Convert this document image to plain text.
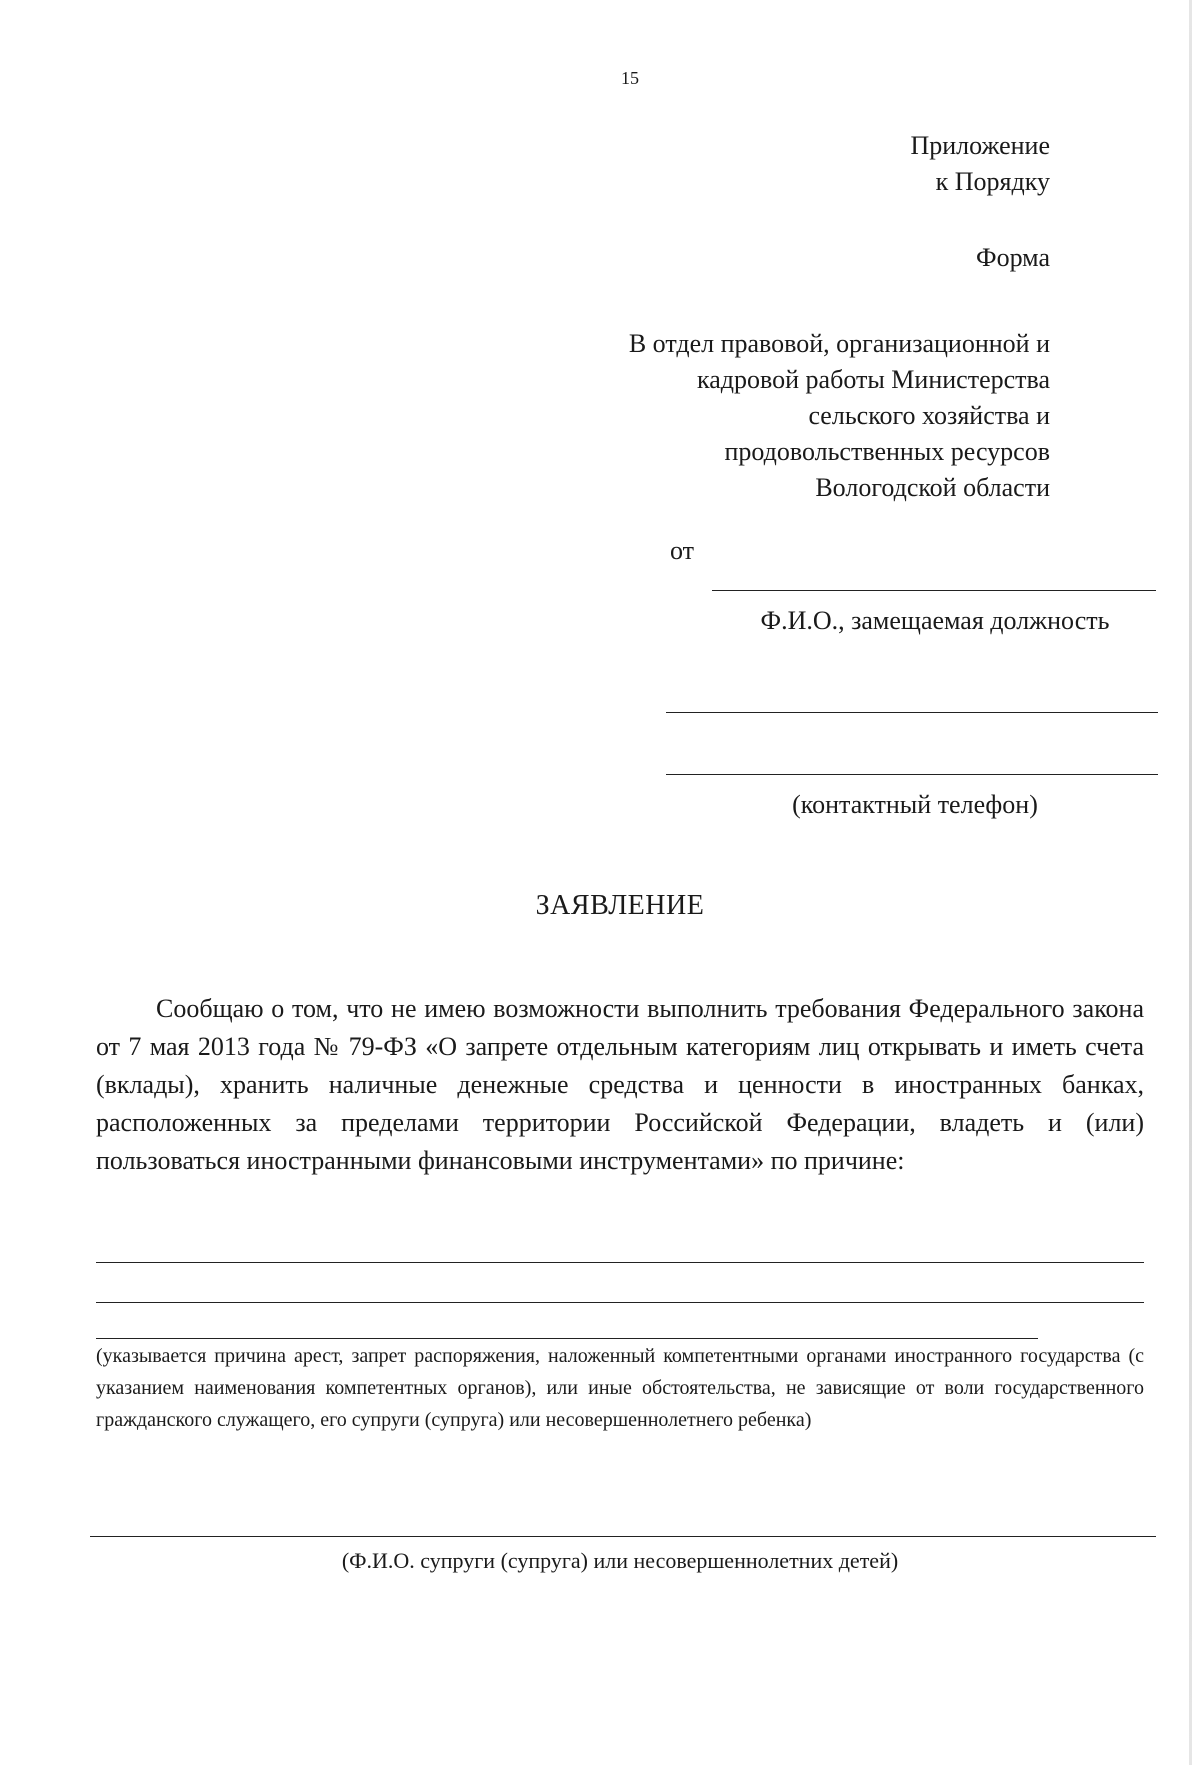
15
Приложение
к Порядку
Форма
В отдел правовой, организационной и
кадровой работы Министерства
сельского хозяйства и
продовольственных ресурсов
Вологодской области
от
Ф.И.О., замещаемая должность
(контактный телефон)
ЗАЯВЛЕНИЕ
Сообщаю о том, что не имею возможности выполнить требования Федерального закона от 7 мая 2013 года № 79-ФЗ «О запрете отдельным категориям лиц открывать и иметь счета (вклады), хранить наличные денежные средства и ценности в иностранных банках, расположенных за пределами территории Российской Федерации, владеть и (или) пользоваться иностранными финансовыми инструментами» по причине:
(указывается причина арест, запрет распоряжения, наложенный компетентными органами иностранного государства (с указанием наименования компетентных органов), или иные обстоятельства, не зависящие от воли государственного гражданского служащего, его супруги (супруга) или несовершеннолетнего ребенка)
(Ф.И.О. супруги (супруга) или несовершеннолетних детей)
